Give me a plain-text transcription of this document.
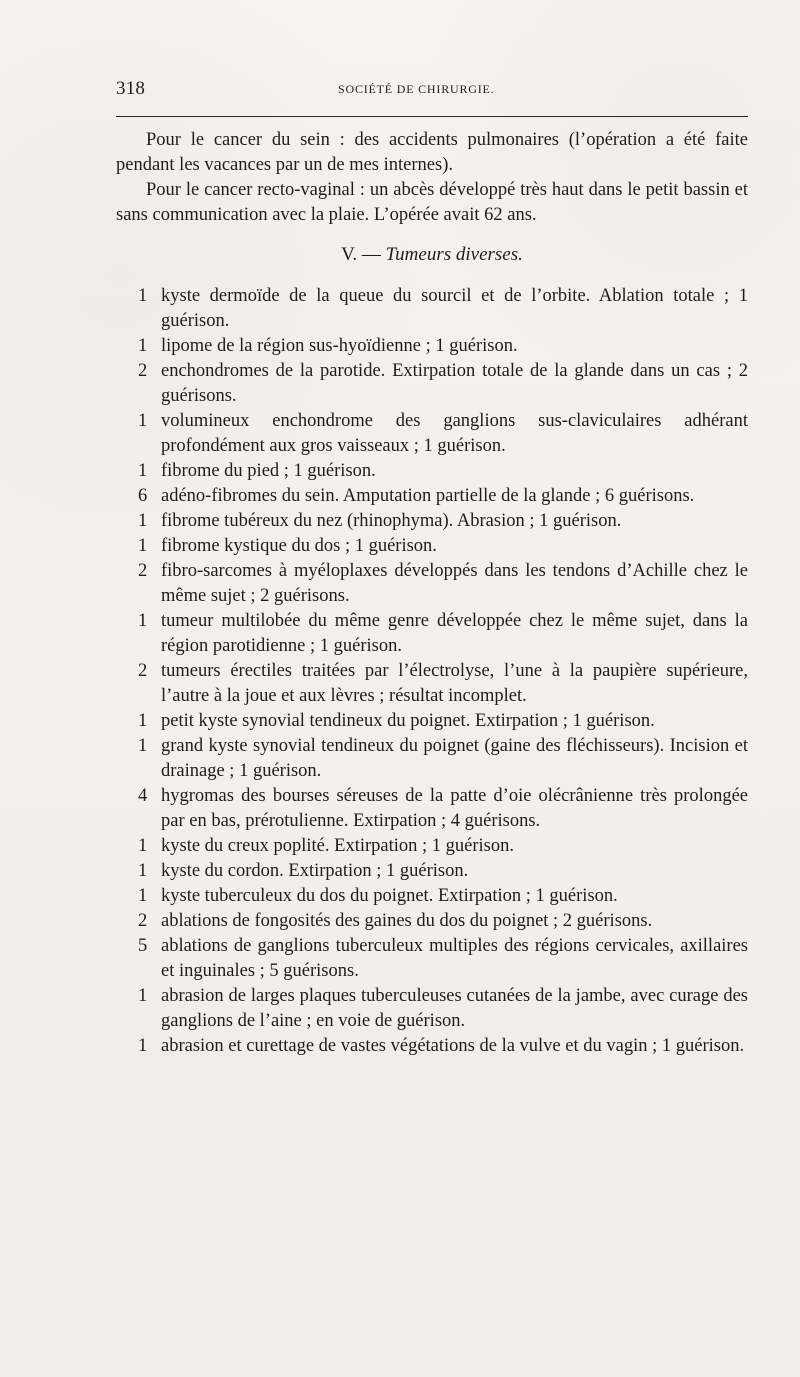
318	SOCIÉTÉ DE CHIRURGIE.

Pour le cancer du sein : des accidents pulmonaires (l’opération a été faite pendant les vacances par un de mes internes).

Pour le cancer recto-vaginal : un abcès développé très haut dans le petit bassin et sans communication avec la plaie. L’opérée avait 62 ans.

V. — Tumeurs diverses.
1 kyste dermoïde de la queue du sourcil et de l’orbite. Ablation totale ; 1 guérison.
1 lipome de la région sus-hyoïdienne ; 1 guérison.
2 enchondromes de la parotide. Extirpation totale de la glande dans un cas ; 2 guérisons.
1 volumineux enchondrome des ganglions sus-claviculaires adhérant profondément aux gros vaisseaux ; 1 guérison.
1 fibrome du pied ; 1 guérison.
6 adéno-fibromes du sein. Amputation partielle de la glande ; 6 guérisons.
1 fibrome tubéreux du nez (rhinophyma). Abrasion ; 1 guérison.
1 fibrome kystique du dos ; 1 guérison.
2 fibro-sarcomes à myéloplaxes développés dans les tendons d’Achille chez le même sujet ; 2 guérisons.
1 tumeur multilobée du même genre développée chez le même sujet, dans la région parotidienne ; 1 guérison.
2 tumeurs érectiles traitées par l’électrolyse, l’une à la paupière supérieure, l’autre à la joue et aux lèvres ; résultat incomplet.
1 petit kyste synovial tendineux du poignet. Extirpation ; 1 guérison.
1 grand kyste synovial tendineux du poignet (gaine des fléchisseurs). Incision et drainage ; 1 guérison.
4 hygromas des bourses séreuses de la patte d’oie olécrânienne très prolongée par en bas, prérotulienne. Extirpation ; 4 guérisons.
1 kyste du creux poplité. Extirpation ; 1 guérison.
1 kyste du cordon. Extirpation ; 1 guérison.
1 kyste tuberculeux du dos du poignet. Extirpation ; 1 guérison.
2 ablations de fongosités des gaines du dos du poignet ; 2 guérisons.
5 ablations de ganglions tuberculeux multiples des régions cervicales, axillaires et inguinales ; 5 guérisons.
1 abrasion de larges plaques tuberculeuses cutanées de la jambe, avec curage des ganglions de l’aine ; en voie de guérison.
1 abrasion et curettage de vastes végétations de la vulve et du vagin ; 1 guérison.
